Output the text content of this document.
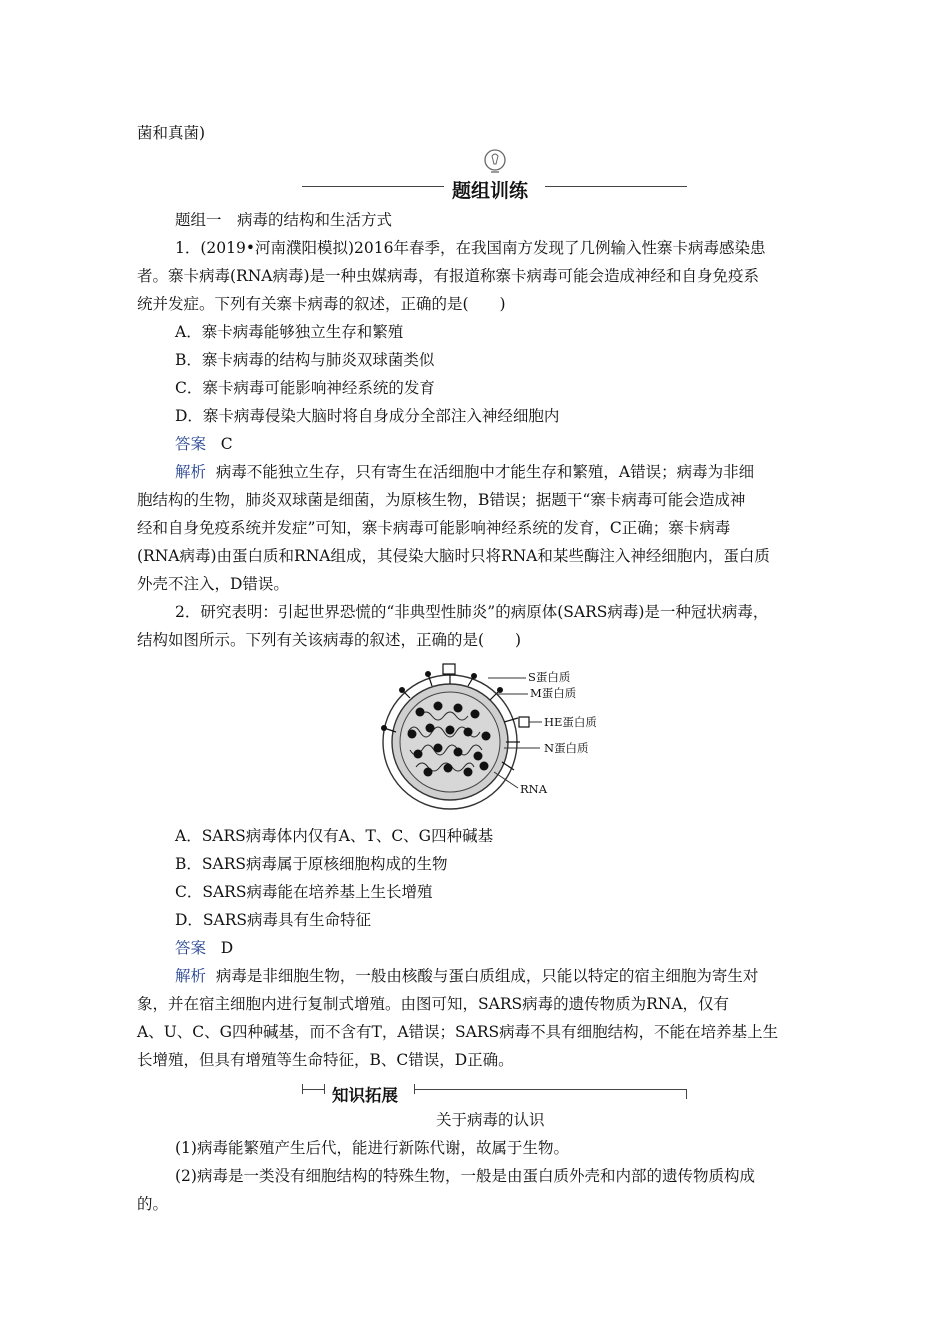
菌和真菌)
题组训练
题组一　病毒的结构和生活方式
1．(2019•河南濮阳模拟)2016年春季，在我国南方发现了几例输入性寨卡病毒感染患
者。寨卡病毒(RNA病毒)是一种虫媒病毒，有报道称寨卡病毒可能会造成神经和自身免疫系
统并发症。下列有关寨卡病毒的叙述，正确的是(　　)
A．寨卡病毒能够独立生存和繁殖
B．寨卡病毒的结构与肺炎双球菌类似
C．寨卡病毒可能影响神经系统的发育
D．寨卡病毒侵染大脑时将自身成分全部注入神经细胞内
答案 C
解析 病毒不能独立生存，只有寄生在活细胞中才能生存和繁殖，A错误；病毒为非细
胞结构的生物，肺炎双球菌是细菌，为原核生物，B错误；据题干“寨卡病毒可能会造成神
经和自身免疫系统并发症”可知，寨卡病毒可能影响神经系统的发育，C正确；寨卡病毒
(RNA病毒)由蛋白质和RNA组成，其侵染大脑时只将RNA和某些酶注入神经细胞内，蛋白质
外壳不注入，D错误。
2．研究表明：引起世界恐慌的“非典型性肺炎”的病原体(SARS病毒)是一种冠状病毒，
结构如图所示。下列有关该病毒的叙述，正确的是(　　)
S蛋白质
M蛋白质
HE蛋白质
N蛋白质
RNA
A．SARS病毒体内仅有A、T、C、G四种碱基
B．SARS病毒属于原核细胞构成的生物
C．SARS病毒能在培养基上生长增殖
D．SARS病毒具有生命特征
答案 D
解析 病毒是非细胞生物，一般由核酸与蛋白质组成，只能以特定的宿主细胞为寄生对
象，并在宿主细胞内进行复制式增殖。由图可知，SARS病毒的遗传物质为RNA，仅有
A、U、C、G四种碱基，而不含有T，A错误；SARS病毒不具有细胞结构，不能在培养基上生
长增殖，但具有增殖等生命特征，B、C错误，D正确。
知识拓展
关于病毒的认识
(1)病毒能繁殖产生后代，能进行新陈代谢，故属于生物。
(2)病毒是一类没有细胞结构的特殊生物，一般是由蛋白质外壳和内部的遗传物质构成
的。
